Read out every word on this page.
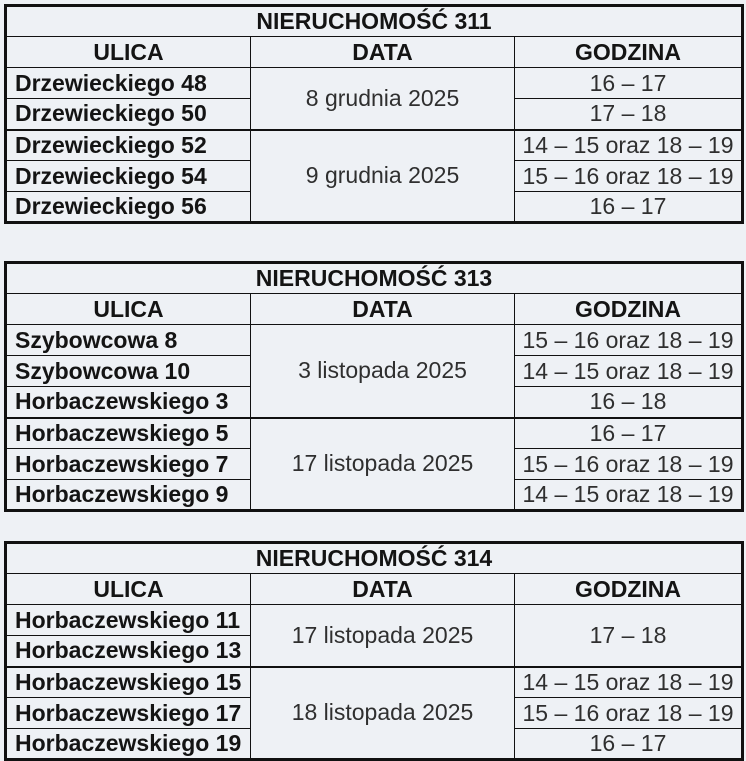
NIERUCHOMOŚĆ 311		
ULICA	DATA	GODZINA
Drzewieckiego 48	8 grudnia 2025	16 – 17
Drzewieckiego 50		17 – 18
Drzewieckiego 52	9 grudnia 2025	14 – 15 oraz 18 – 19
Drzewieckiego 54		15 – 16 oraz 18 – 19
Drzewieckiego 56		16 – 17
NIERUCHOMOŚĆ 313		
ULICA	DATA	GODZINA
Szybowcowa 8	3 listopada 2025	15 – 16 oraz 18 – 19
Szybowcowa 10		14 – 15 oraz 18 – 19
Horbaczewskiego 3		16 – 18
Horbaczewskiego 5	17 listopada 2025	16 – 17
Horbaczewskiego 7		15 – 16 oraz 18 – 19
Horbaczewskiego 9		14 – 15 oraz 18 – 19
NIERUCHOMOŚĆ 314		
ULICA	DATA	GODZINA
Horbaczewskiego 11	17 listopada 2025	17 – 18
Horbaczewskiego 13		
Horbaczewskiego 15	18 listopada 2025	14 – 15 oraz 18 – 19
Horbaczewskiego 17		15 – 16 oraz 18 – 19
Horbaczewskiego 19		16 – 17
